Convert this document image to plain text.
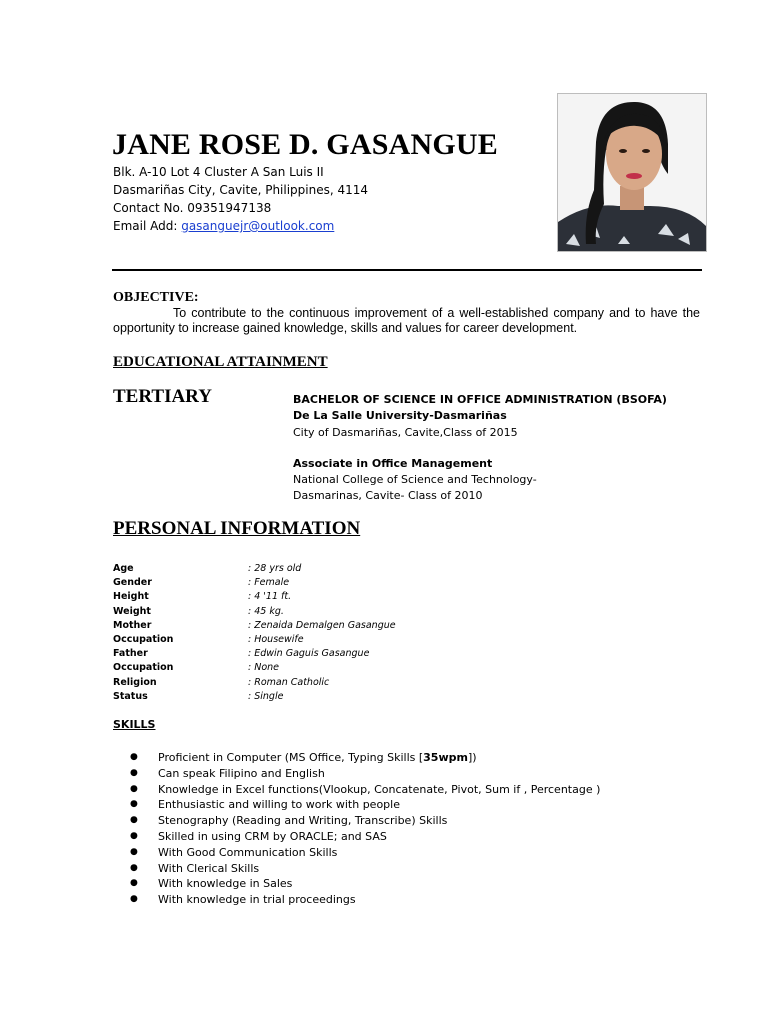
JANE ROSE D. GASANGUE
Blk. A-10 Lot 4 Cluster A San Luis II
Dasmariñas City, Cavite, Philippines, 4114
Contact No. 09351947138
Email Add: gasanguejr@outlook.com
OBJECTIVE:
To contribute to the continuous improvement of a well-established company and to have the opportunity to increase gained knowledge, skills and values for career development.
EDUCATIONAL ATTAINMENT
TERTIARY	BACHELOR OF SCIENCE IN OFFICE ADMINISTRATION (BSOFA)
De La Salle University-Dasmariñas
City of Dasmariñas, Cavite,Class of 2015
Associate in Office Management
National College of Science and Technology-
Dasmarinas, Cavite- Class of 2010
PERSONAL INFORMATION
Age	: 28 yrs old
Gender	: Female
Height	: 4 '11 ft.
Weight	: 45 kg.
Mother	: Zenaida Demalgen Gasangue
Occupation	: Housewife
Father	: Edwin Gaguis Gasangue
Occupation	: None
Religion	: Roman Catholic
Status	: Single
SKILLS
● Proficient in Computer (MS Office, Typing Skills [35wpm])
● Can speak Filipino and English
● Knowledge in Excel functions(Vlookup, Concatenate, Pivot, Sum if , Percentage )
● Enthusiastic and willing to work with people
● Stenography (Reading and Writing, Transcribe) Skills
● Skilled in using CRM by ORACLE; and SAS
● With Good Communication Skills
● With Clerical Skills
● With knowledge in Sales
● With knowledge in trial proceedings
